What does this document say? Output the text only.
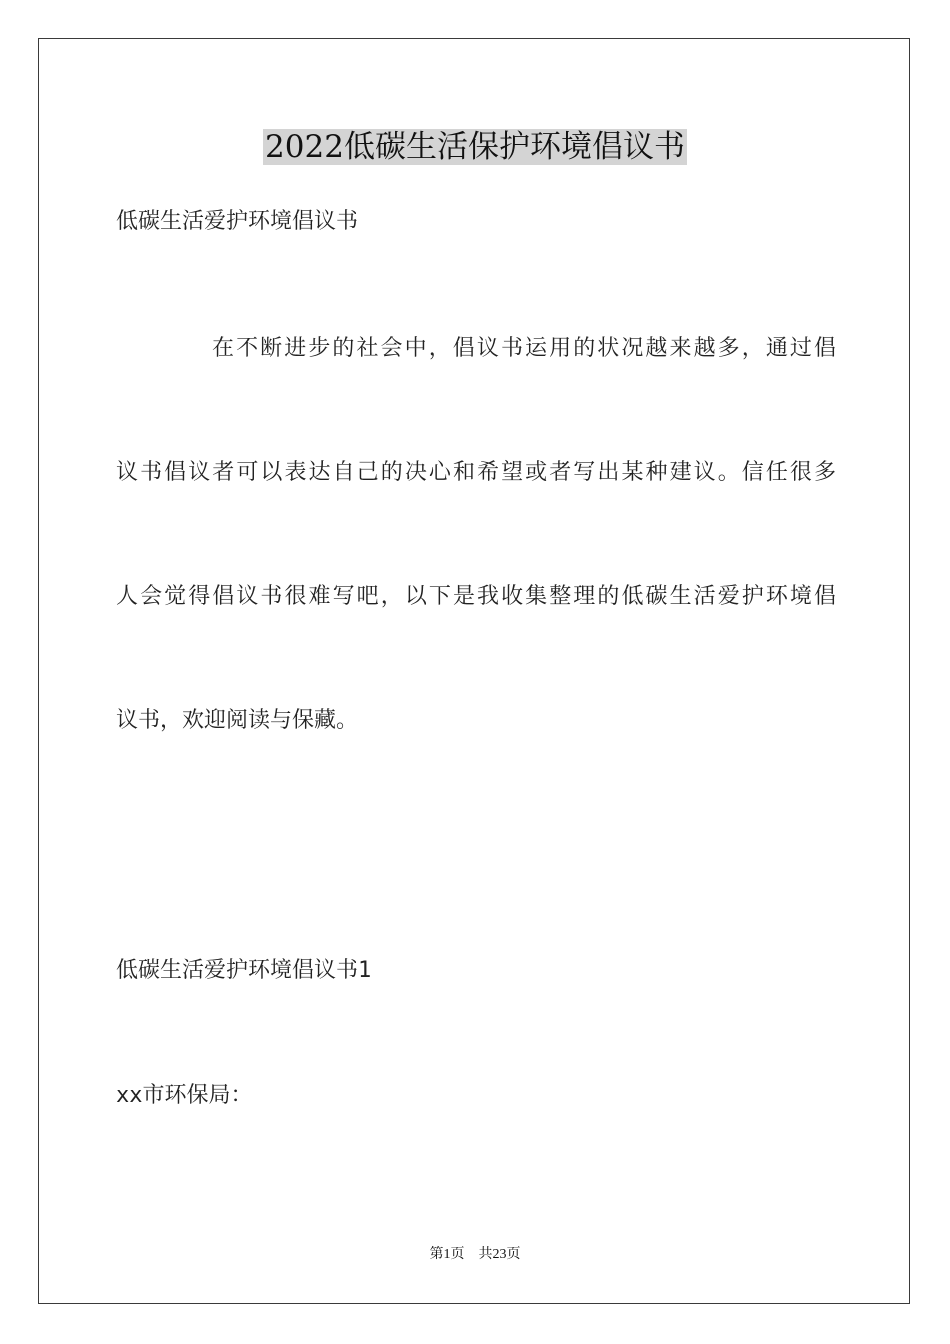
2022低碳生活保护环境倡议书
低碳生活爱护环境倡议书
在不断进步的社会中，倡议书运用的状况越来越多，通过倡
议书倡议者可以表达自己的决心和希望或者写出某种建议。信任很多
人会觉得倡议书很难写吧，以下是我收集整理的低碳生活爱护环境倡
议书，欢迎阅读与保藏。
低碳生活爱护环境倡议书1
xx市环保局：
第1页 共23页
